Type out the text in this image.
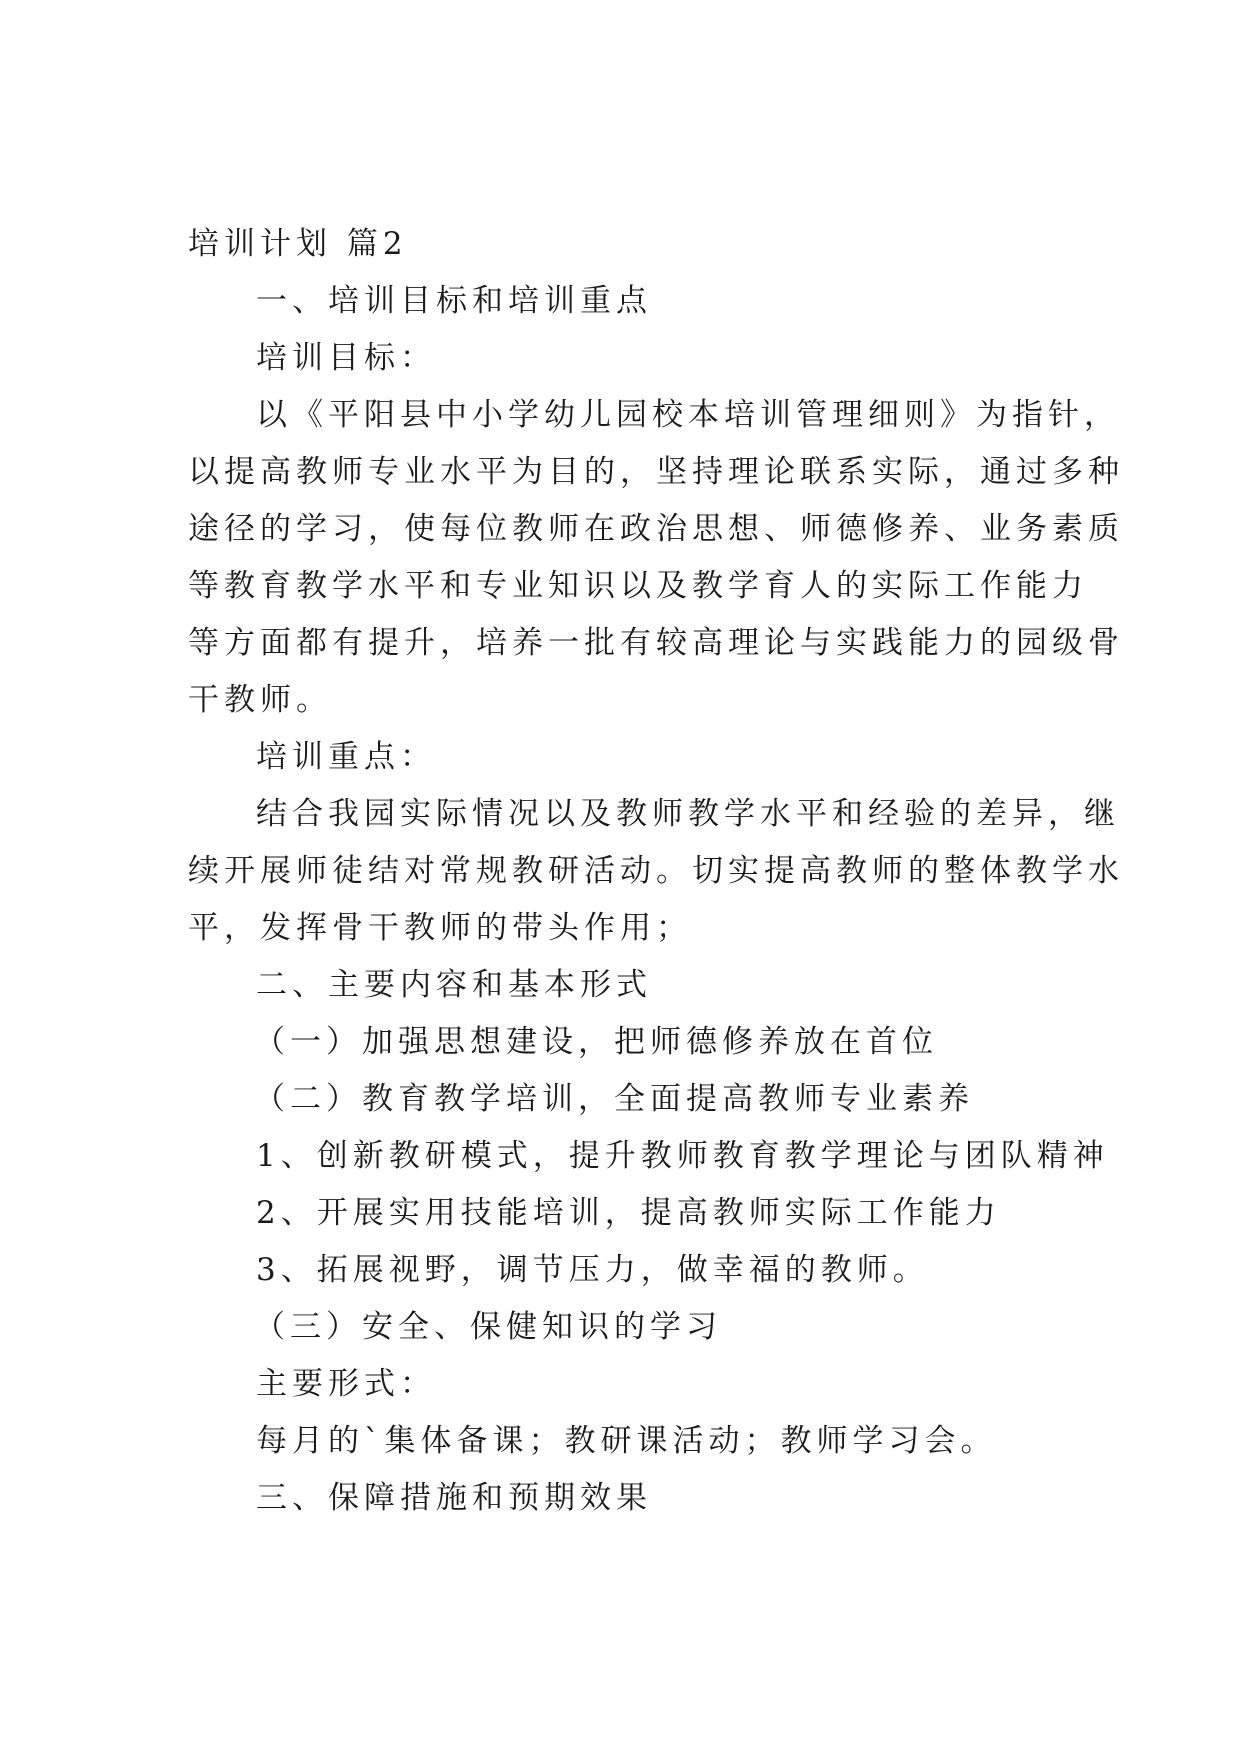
培训计划 篇2
一、培训目标和培训重点
培训目标：
以《平阳县中小学幼儿园校本培训管理细则》为指针，
以提高教师专业水平为目的，坚持理论联系实际，通过多种
途径的学习，使每位教师在政治思想、师德修养、业务素质
等教育教学水平和专业知识以及教学育人的实际工作能力
等方面都有提升，培养一批有较高理论与实践能力的园级骨
干教师。
培训重点：
结合我园实际情况以及教师教学水平和经验的差异，继
续开展师徒结对常规教研活动。切实提高教师的整体教学水
平，发挥骨干教师的带头作用；
二、主要内容和基本形式
（一）加强思想建设，把师德修养放在首位
（二）教育教学培训，全面提高教师专业素养
1、创新教研模式，提升教师教育教学理论与团队精神
2、开展实用技能培训，提高教师实际工作能力
3、拓展视野，调节压力，做幸福的教师。
（三）安全、保健知识的学习
主要形式：
每月的`集体备课；教研课活动；教师学习会。
三、保障措施和预期效果
